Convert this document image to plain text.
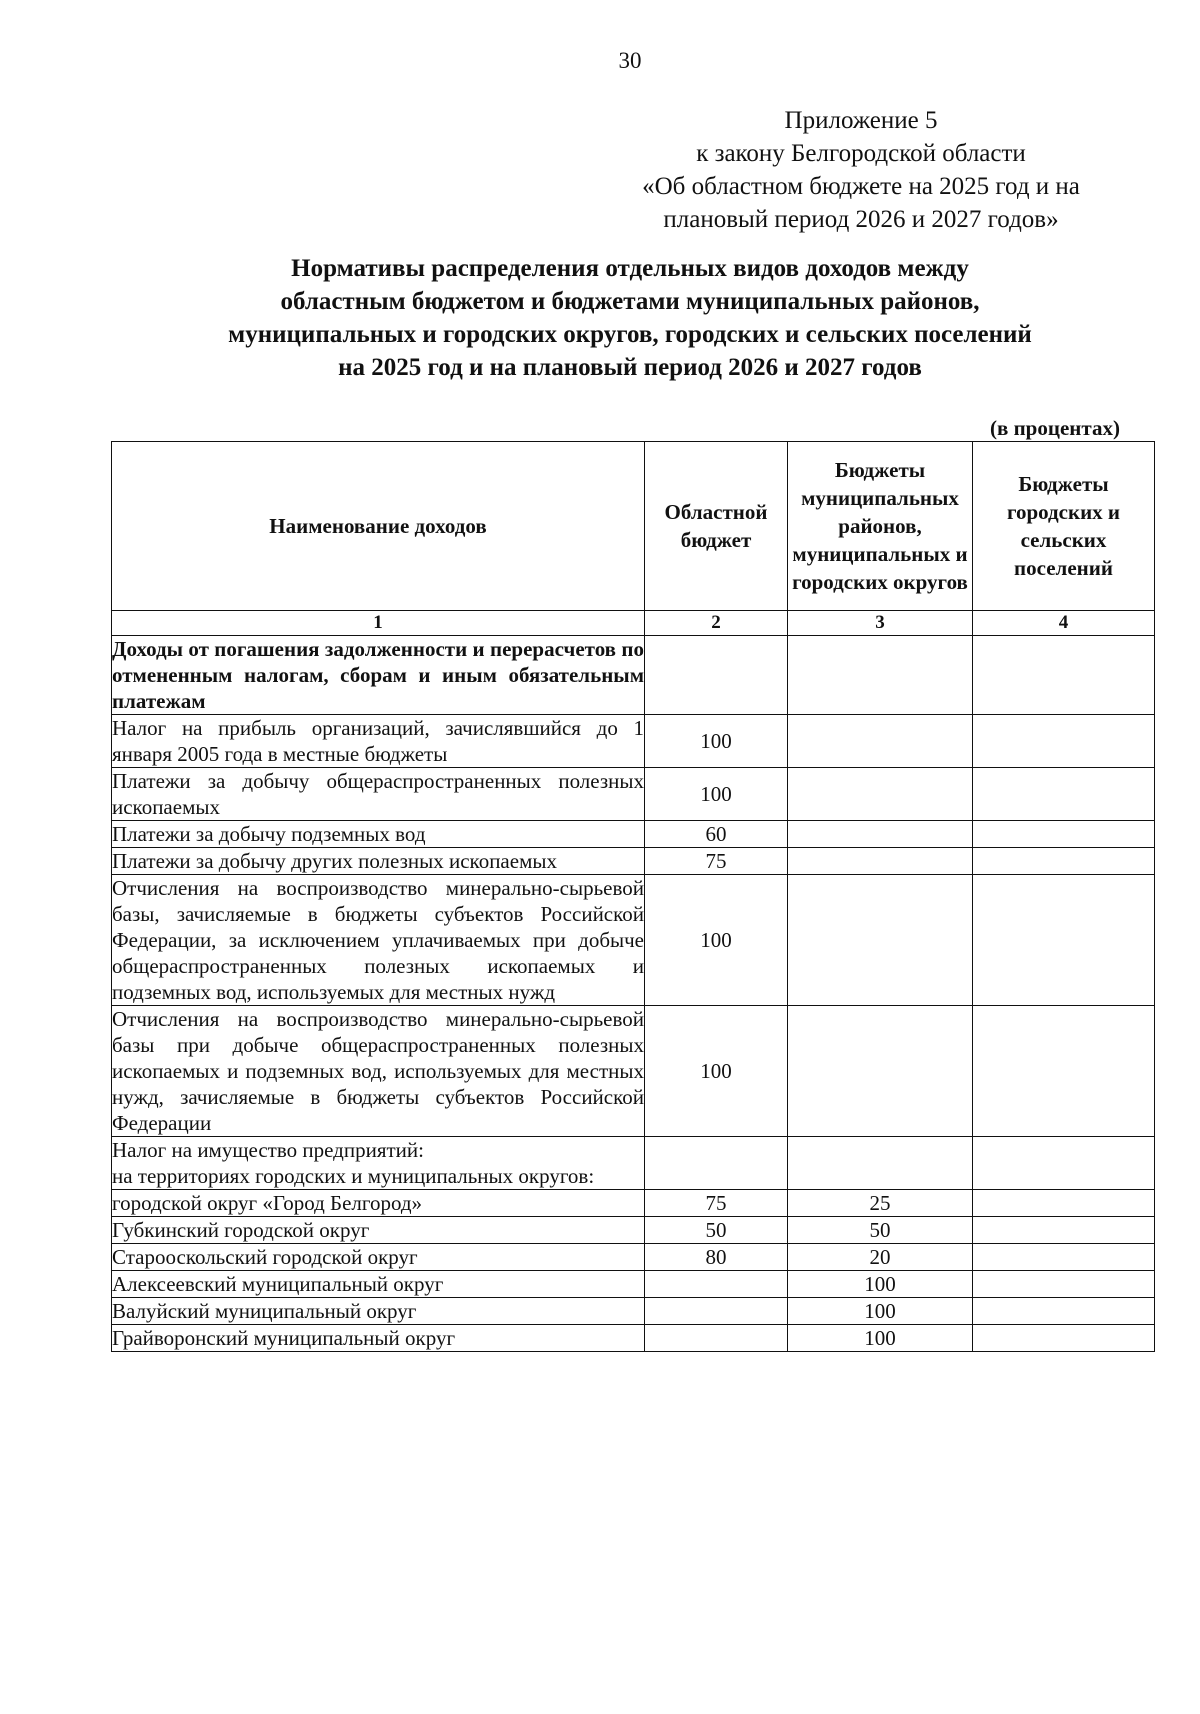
30
Приложение 5
к закону Белгородской области
«Об областном бюджете на 2025 год и на
плановый период 2026 и 2027 годов»
Нормативы распределения отдельных видов доходов между
областным бюджетом и бюджетами муниципальных районов,
муниципальных и городских округов, городских и сельских поселений
на 2025 год и на плановый период 2026 и 2027 годов
(в процентах)
Наименование доходов	Областной бюджет	Бюджеты муниципальных районов, муниципальных и городских округов	Бюджеты городских и сельских поселений
1	2	3	4
Доходы от погашения задолженности и перерасчетов по отмененным налогам, сборам и иным обязательным платежам			
Налог на прибыль организаций, зачислявшийся до 1 января 2005 года в местные бюджеты	100		
Платежи за добычу общераспространенных полезных ископаемых	100		
Платежи за добычу подземных вод	60		
Платежи за добычу других полезных ископаемых	75		
Отчисления на воспроизводство минерально-сырьевой базы, зачисляемые в бюджеты субъектов Российской Федерации, за исключением уплачиваемых при добыче общераспространенных полезных ископаемых и подземных вод, используемых для местных нужд	100		
Отчисления на воспроизводство минерально-сырьевой базы при добыче общераспространенных полезных ископаемых и подземных вод, используемых для местных нужд, зачисляемые в бюджеты субъектов Российской Федерации	100		

Налог на имущество предприятий:
на территориях городских и муниципальных округов:			

городской округ «Город Белгород»	75	25	
Губкинский городской округ	50	50	
Старооскольский городской округ	80	20	
Алексеевский муниципальный округ		100	
Валуйский муниципальный округ		100	
Грайворонский муниципальный округ		100	
